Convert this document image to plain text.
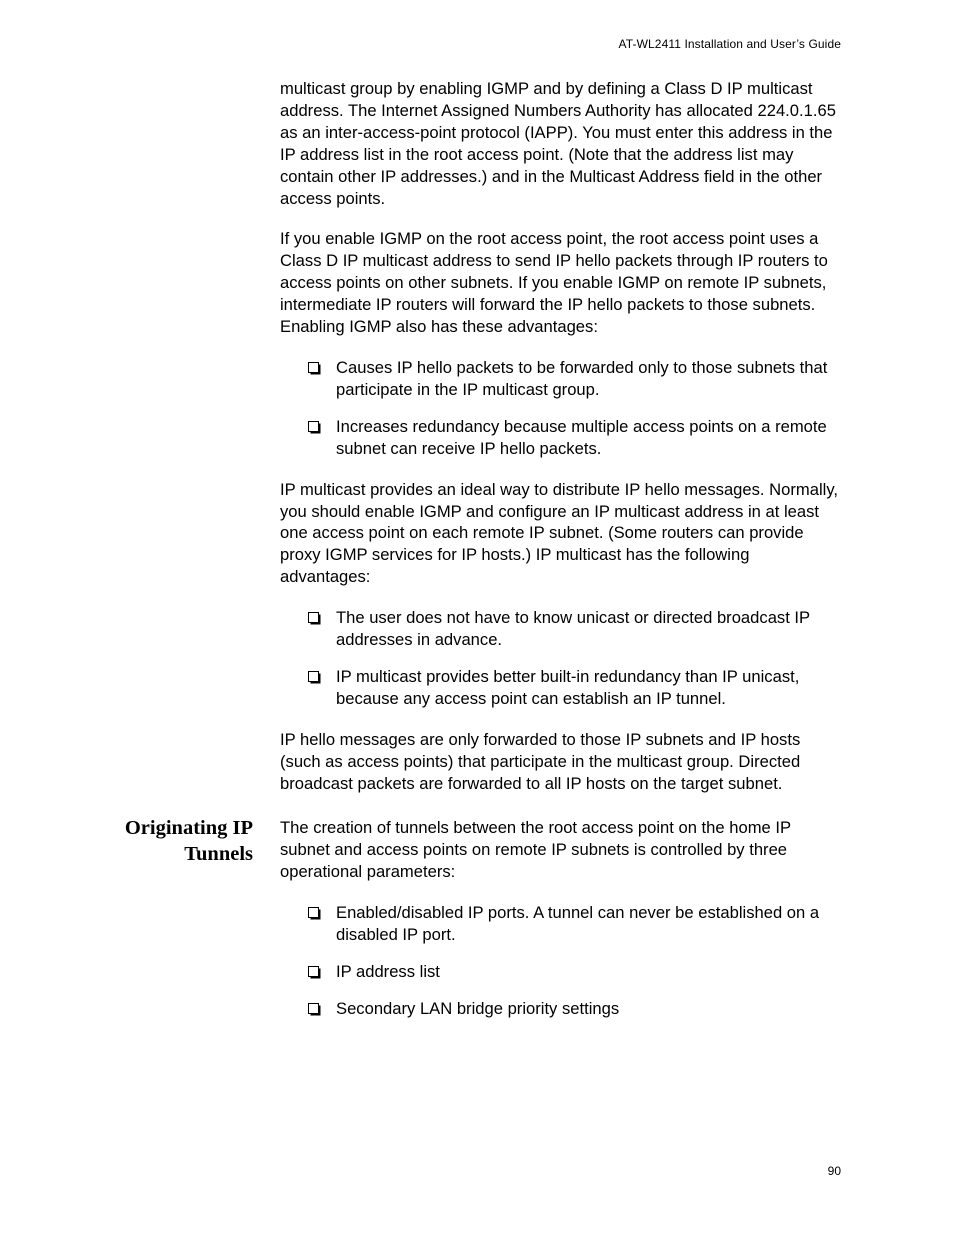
AT-WL2411 Installation and User’s Guide

multicast group by enabling IGMP and by defining a Class D IP multicast address. The Internet Assigned Numbers Authority has allocated 224.0.1.65 as an inter-access-point protocol (IAPP). You must enter this address in the IP address list in the root access point. (Note that the address list may contain other IP addresses.) and in the Multicast Address field in the other access points.

If you enable IGMP on the root access point, the root access point uses a Class D IP multicast address to send IP hello packets through IP routers to access points on other subnets. If you enable IGMP on remote IP subnets, intermediate IP routers will forward the IP hello packets to those subnets. Enabling IGMP also has these advantages:

Causes IP hello packets to be forwarded only to those subnets that participate in the IP multicast group.
Increases redundancy because multiple access points on a remote subnet can receive IP hello packets.

IP multicast provides an ideal way to distribute IP hello messages. Normally, you should enable IGMP and configure an IP multicast address in at least one access point on each remote IP subnet. (Some routers can provide proxy IGMP services for IP hosts.) IP multicast has the following advantages:

The user does not have to know unicast or directed broadcast IP addresses in advance.
IP multicast provides better built-in redundancy than IP unicast, because any access point can establish an IP tunnel.

IP hello messages are only forwarded to those IP subnets and IP hosts (such as access points) that participate in the multicast group. Directed broadcast packets are forwarded to all IP hosts on the target subnet.

Originating IP Tunnels

The creation of tunnels between the root access point on the home IP subnet and access points on remote IP subnets is controlled by three operational parameters:

Enabled/disabled IP ports. A tunnel can never be established on a disabled IP port.
IP address list
Secondary LAN bridge priority settings
90
